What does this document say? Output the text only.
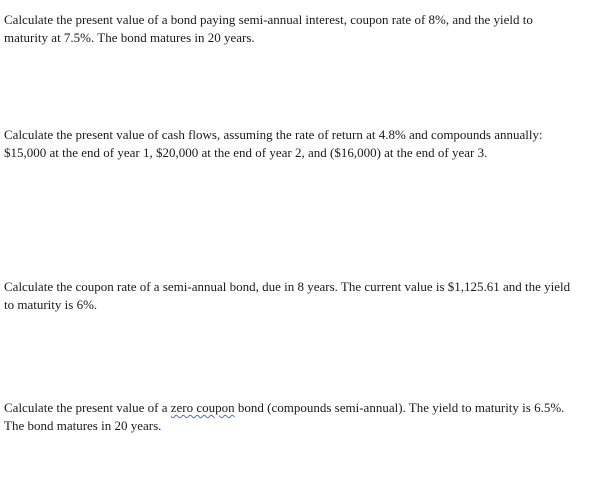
Calculate the present value of a bond paying semi-annual interest, coupon rate of 8%, and the yield to maturity at 7.5%. The bond matures in 20 years.

Calculate the present value of cash flows, assuming the rate of return at 4.8% and compounds annually: $15,000 at the end of year 1, $20,000 at the end of year 2, and ($16,000) at the end of year 3.

Calculate the coupon rate of a semi-annual bond, due in 8 years. The current value is $1,125.61 and the yield to maturity is 6%.

Calculate the present value of a zero coupon bond (compounds semi-annual). The yield to maturity is 6.5%. The bond matures in 20 years.
